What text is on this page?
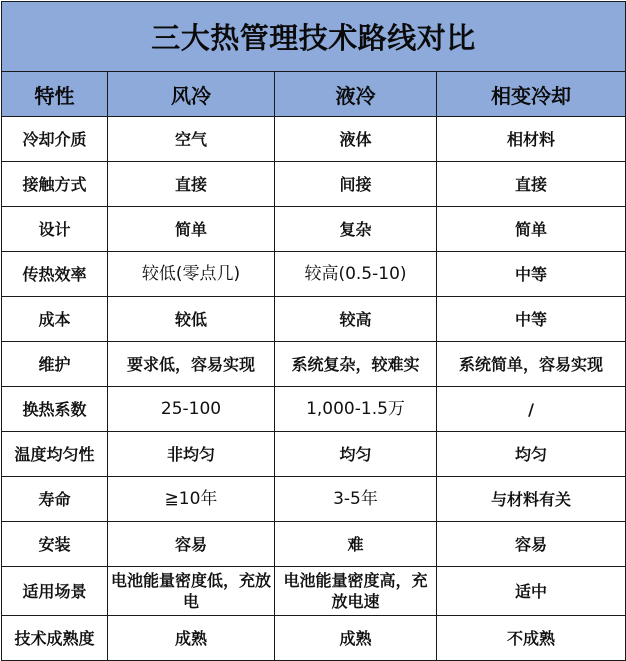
三大热管理技术路线对比			
特性	风冷	液冷	相变冷却
冷却介质	空气	液体	相材料
接触方式	直接	间接	直接
设计	简单	复杂	简单
传热效率	较低(零点几)	较高(0.5-10)	中等
成本	较低	较高	中等
维护	要求低，容易实现	系统复杂，较难实	系统简单，容易实现
换热系数	25-100	1,000-1.5万	/
温度均匀性	非均匀	均匀	均匀
寿命	≧10年	3-5年	与材料有关
安装	容易	难	容易
适用场景	电池能量密度低，充放电	电池能量密度高，充放电速	适中
技术成熟度	成熟	成熟	不成熟
